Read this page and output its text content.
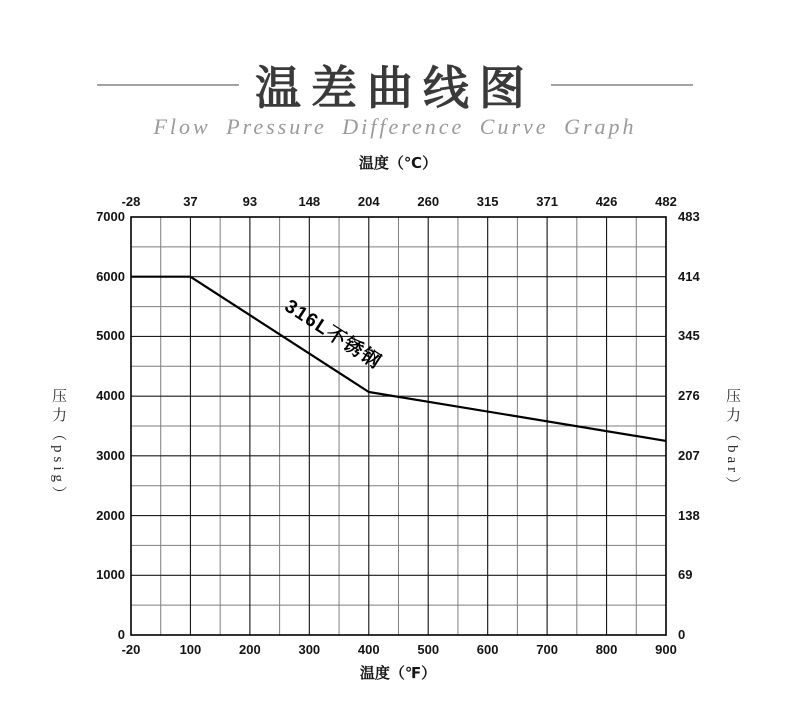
温差曲线图
Flow Pressure Difference Curve Graph
温度（℃）
压力（psig）	压力（bar）
温度（℉）
-28
-20
37
100
93
200
148
300
204
400
260
500
315
600
371
700
426
800
482
900
0	0
1000	69
2000	138
3000	207
4000	276
5000	345
6000	414
7000	483
316L不锈钢
